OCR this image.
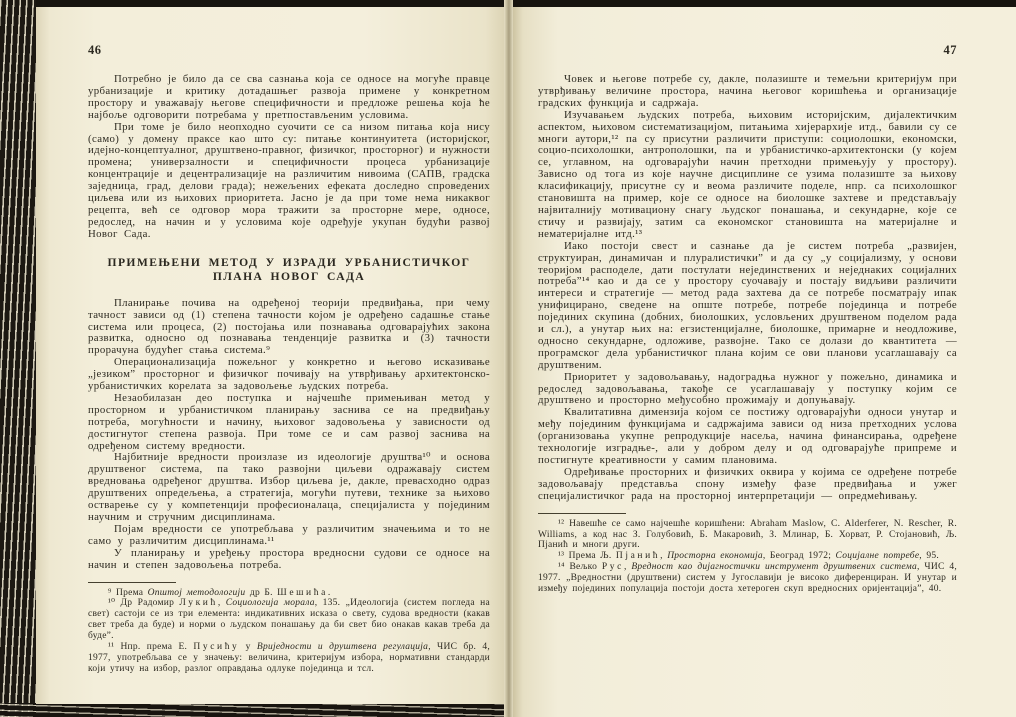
46

Потребно је било да се сва сазнања која се односе на могуће правце урбанизације и критику дотадашњег развоја примене у конкретном простору и уважавају његове специфичности и предложе решења која ће најбоље одговорити потребама у претпостављеним условима.

При томе је било неопходно суочити се са низом питања која нису (само) у домену праксе као што су: питање континуитета (историјског, идејно-концептуалног, друштвено-правног, физичког, просторног) и нужности промена; универзалности и специфичности процеса урбанизације концентрације и децентрализације на различитим нивоима (САПВ, градска заједница, град, делови града); нежељених ефеката доследно спроведених циљева или из њихових приоритета. Јасно је да при томе нема никаквог рецепта, већ се одговор мора тражити за просторне мере, односе, редослед, на начин и у условима које одређује укупан будући развој Новог Сада.

ПРИМЕЊЕНИ МЕТОД У ИЗРАДИ УРБАНИСТИЧКОГ
ПЛАНА НОВОГ САДА

Планирање почива на одређеној теорији предвиђања, при чему тачност зависи од (1) степена тачности којом је одређено садашње стање система или процеса, (2) постојања или познавања одговарајућих закона развитка, односно од познавања тенденције развитка и (3) тачности прорачуна будућег стања система.⁹

Операционализација пожељног у конкретно и његово исказивање „језиком” просторног и физичког почивају на утврђивању архитектонско-урбанистичких корелата за задовољење људских потреба.

Незаобилазан део поступка и најчешће примењиван метод у просторном и урбанистичком планирању заснива се на предвиђању потреба, могућности и начину, њиховог задовољења у зависности од достигнутог степена развоја. При томе се и сам развој заснива на одређеном систему вредности.

Најбитније вредности произлазе из идеологије друштва¹⁰ и основа друштвеног система, па тако развојни циљеви одражавају систем вредновања одређеног друштва. Избор циљева је, дакле, превасходно одраз друштвених опредељења, а стратегија, могући путеви, технике за њихово остварење су у компетенцији професионалаца, специјалиста у појединим научним и стручним дисциплинама.

Појам вредности се употребљава у различитим значењима и то не само у различитим дисциплинама.¹¹

У планирању и уређењу простора вредносни судови се односе на начин и степен задовољења потреба.

⁹ Према Општој методологији др Б. Шешића.

¹⁰ Др Радомир Лукић, Социологија морала, 135. „Идеологија (систем погледа на свет) састоји се из три елемента: индикативних исказа о свету, судова вредности (какав свет треба да буде) и норми о људском понашању да би свет био онакав какав треба да буде”.

¹¹ Нпр. према Е. Пусићу у Вриједности и друштвена регулација, ЧИС бр. 4, 1977, употребљава се у значењу: величина, критеријум избора, нормативни стандарди који утичу на избор, разлог оправдања одлуке појединца и тсл.

47

Човек и његове потребе су, дакле, полазиште и темељни критеријум при утврђивању величине простора, начина његовог коришћења и организације градских функција и садржаја.

Изучавањем људских потреба, њиховим историјским, дијалектичким аспектом, њиховом систематизацијом, питањима хијерархије итд., бавили су се многи аутори,¹² па су присутни различити приступи: социолошки, економски, социо-психолошки, антрополошки, па и урбанистичко-архитектонски (у којем се, углавном, на одговарајући начин претходни примењују у простору). Зависно од тога из које научне дисциплине се узима полазиште за њихову класификацију, присутне су и веома различите поделе, нпр. са психолошког становишта на пример, које се односе на биолошке захтеве и представљају највиталнију мотивациону снагу људског понашања, и секундарне, које се стичу и развијају, затим са економског становишта на материјалне и нематеријалне итд.¹³

Иако постоји свест и сазнање да је систем потреба „развијен, структуиран, динамичан и плуралистички” и да су „у социјализму, у основи теоријом расподеле, дати постулати нејединствених и неједнаких социјалних потреба”¹⁴ као и да се у простору суочавају и постају видљиви различити интереси и стратегије — метод рада захтева да се потребе посматрају ипак унифицирано, сведене на опште потребе, потребе појединца и потребе појединих скупина (добних, биолошких, условљених друштвеном поделом рада и сл.), а унутар њих на: егзистенцијалне, биолошке, примарне и неодложиве, односно секундарне, одложиве, развојне. Тако се долази до квантитета — програмског дела урбанистичког плана којим се ови планови усаглашавају са друштвеним.

Приоритет у задовољавању, надоградња нужног у пожељно, динамика и редослед задовољавања, такође се усаглашавају у поступку којим се друштвено и просторно међусобно прожимају и допуњавају.

Квалитативна димензија којом се постижу одговарајући односи унутар и међу појединим функцијама и садржајима зависи од низа претходних услова (организовања укупне репродукције насеља, начина финансирања, одређене технологије изградње-, али у добром делу и од одговарајуће припреме и постигнуте креативности у самим плановима.

Одређивање просторних и физичких оквира у којима се одређене потребе задовољавају представља спону између фазе предвиђања и ужег специјалистичког рада на просторној интерпретацији — опредмећивању.

¹² Навешће се само најчешће коришћени: Abraham Maslow, C. Alderferer, N. Rescher, R. Williams, а код нас З. Голубовић, Б. Макаровић, З. Млинар, Б. Хорват, Р. Стојановић, Љ. Пјанић и многи други.

¹³ Према Љ. Пјанић, Просторна економија, Београд 1972; Социјалне потребе, 95.

¹⁴ Вељко Рус, Вредност као дијагностички инструмент друштвених система, ЧИС 4, 1977. „Вредностни (друштвени) систем у Југославији је високо диференциран. И унутар и између појединих популација постоји доста хетероген скуп вредносних оријентација”, 40.
